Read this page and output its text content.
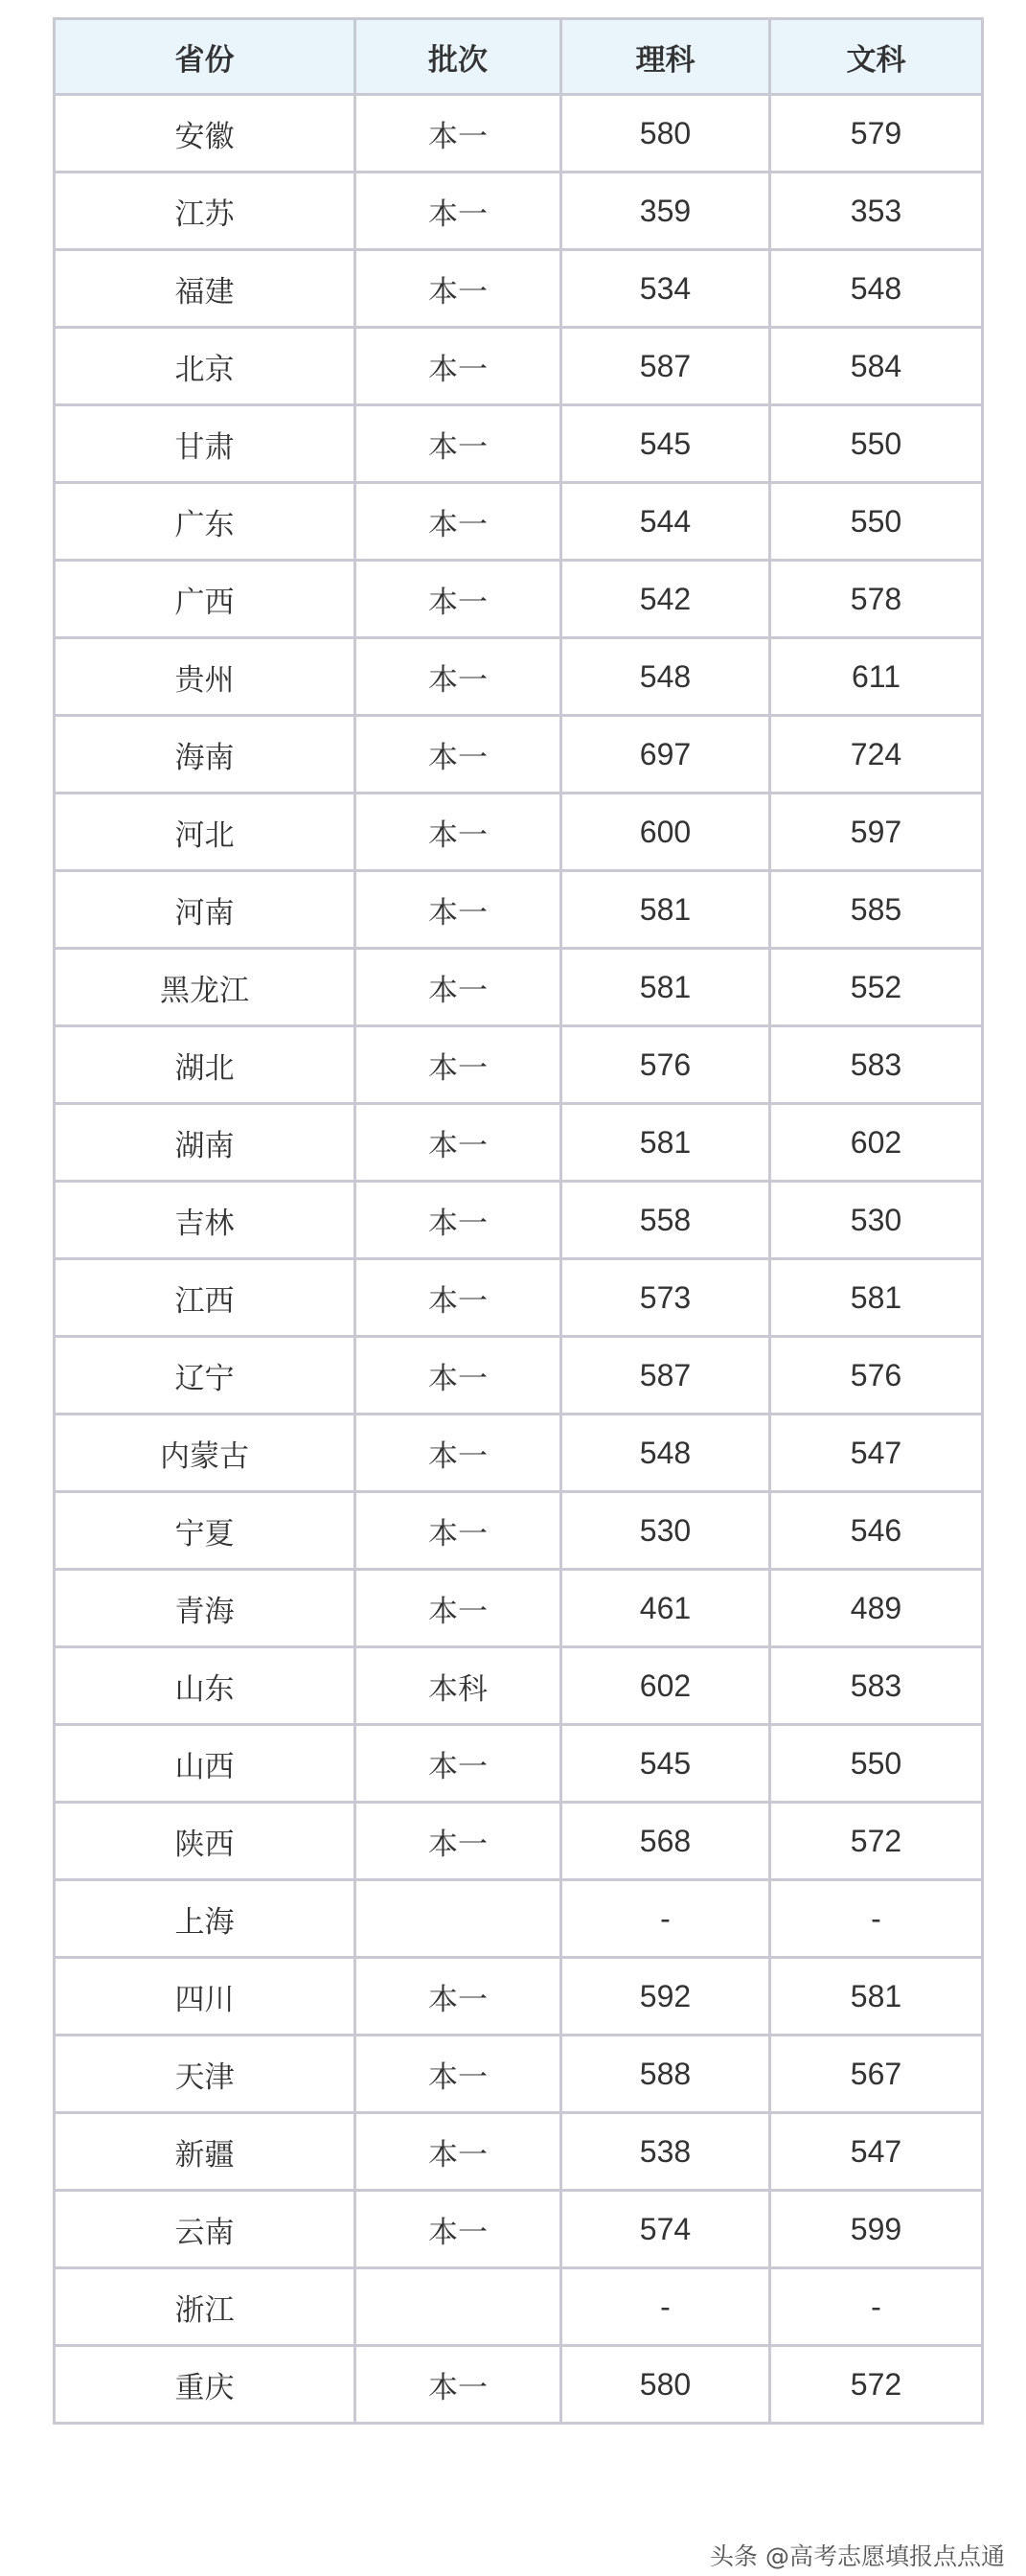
省份	批次	理科	文科
安徽	本一	580	579
江苏	本一	359	353
福建	本一	534	548
北京	本一	587	584
甘肃	本一	545	550
广东	本一	544	550
广西	本一	542	578
贵州	本一	548	611
海南	本一	697	724
河北	本一	600	597
河南	本一	581	585
黑龙江	本一	581	552
湖北	本一	576	583
湖南	本一	581	602
吉林	本一	558	530
江西	本一	573	581
辽宁	本一	587	576
内蒙古	本一	548	547
宁夏	本一	530	546
青海	本一	461	489
山东	本科	602	583
山西	本一	545	550
陕西	本一	568	572
上海		-	-
四川	本一	592	581
天津	本一	588	567
新疆	本一	538	547
云南	本一	574	599
浙江		-	-
重庆	本一	580	572
头条 @高考志愿填报点点通
